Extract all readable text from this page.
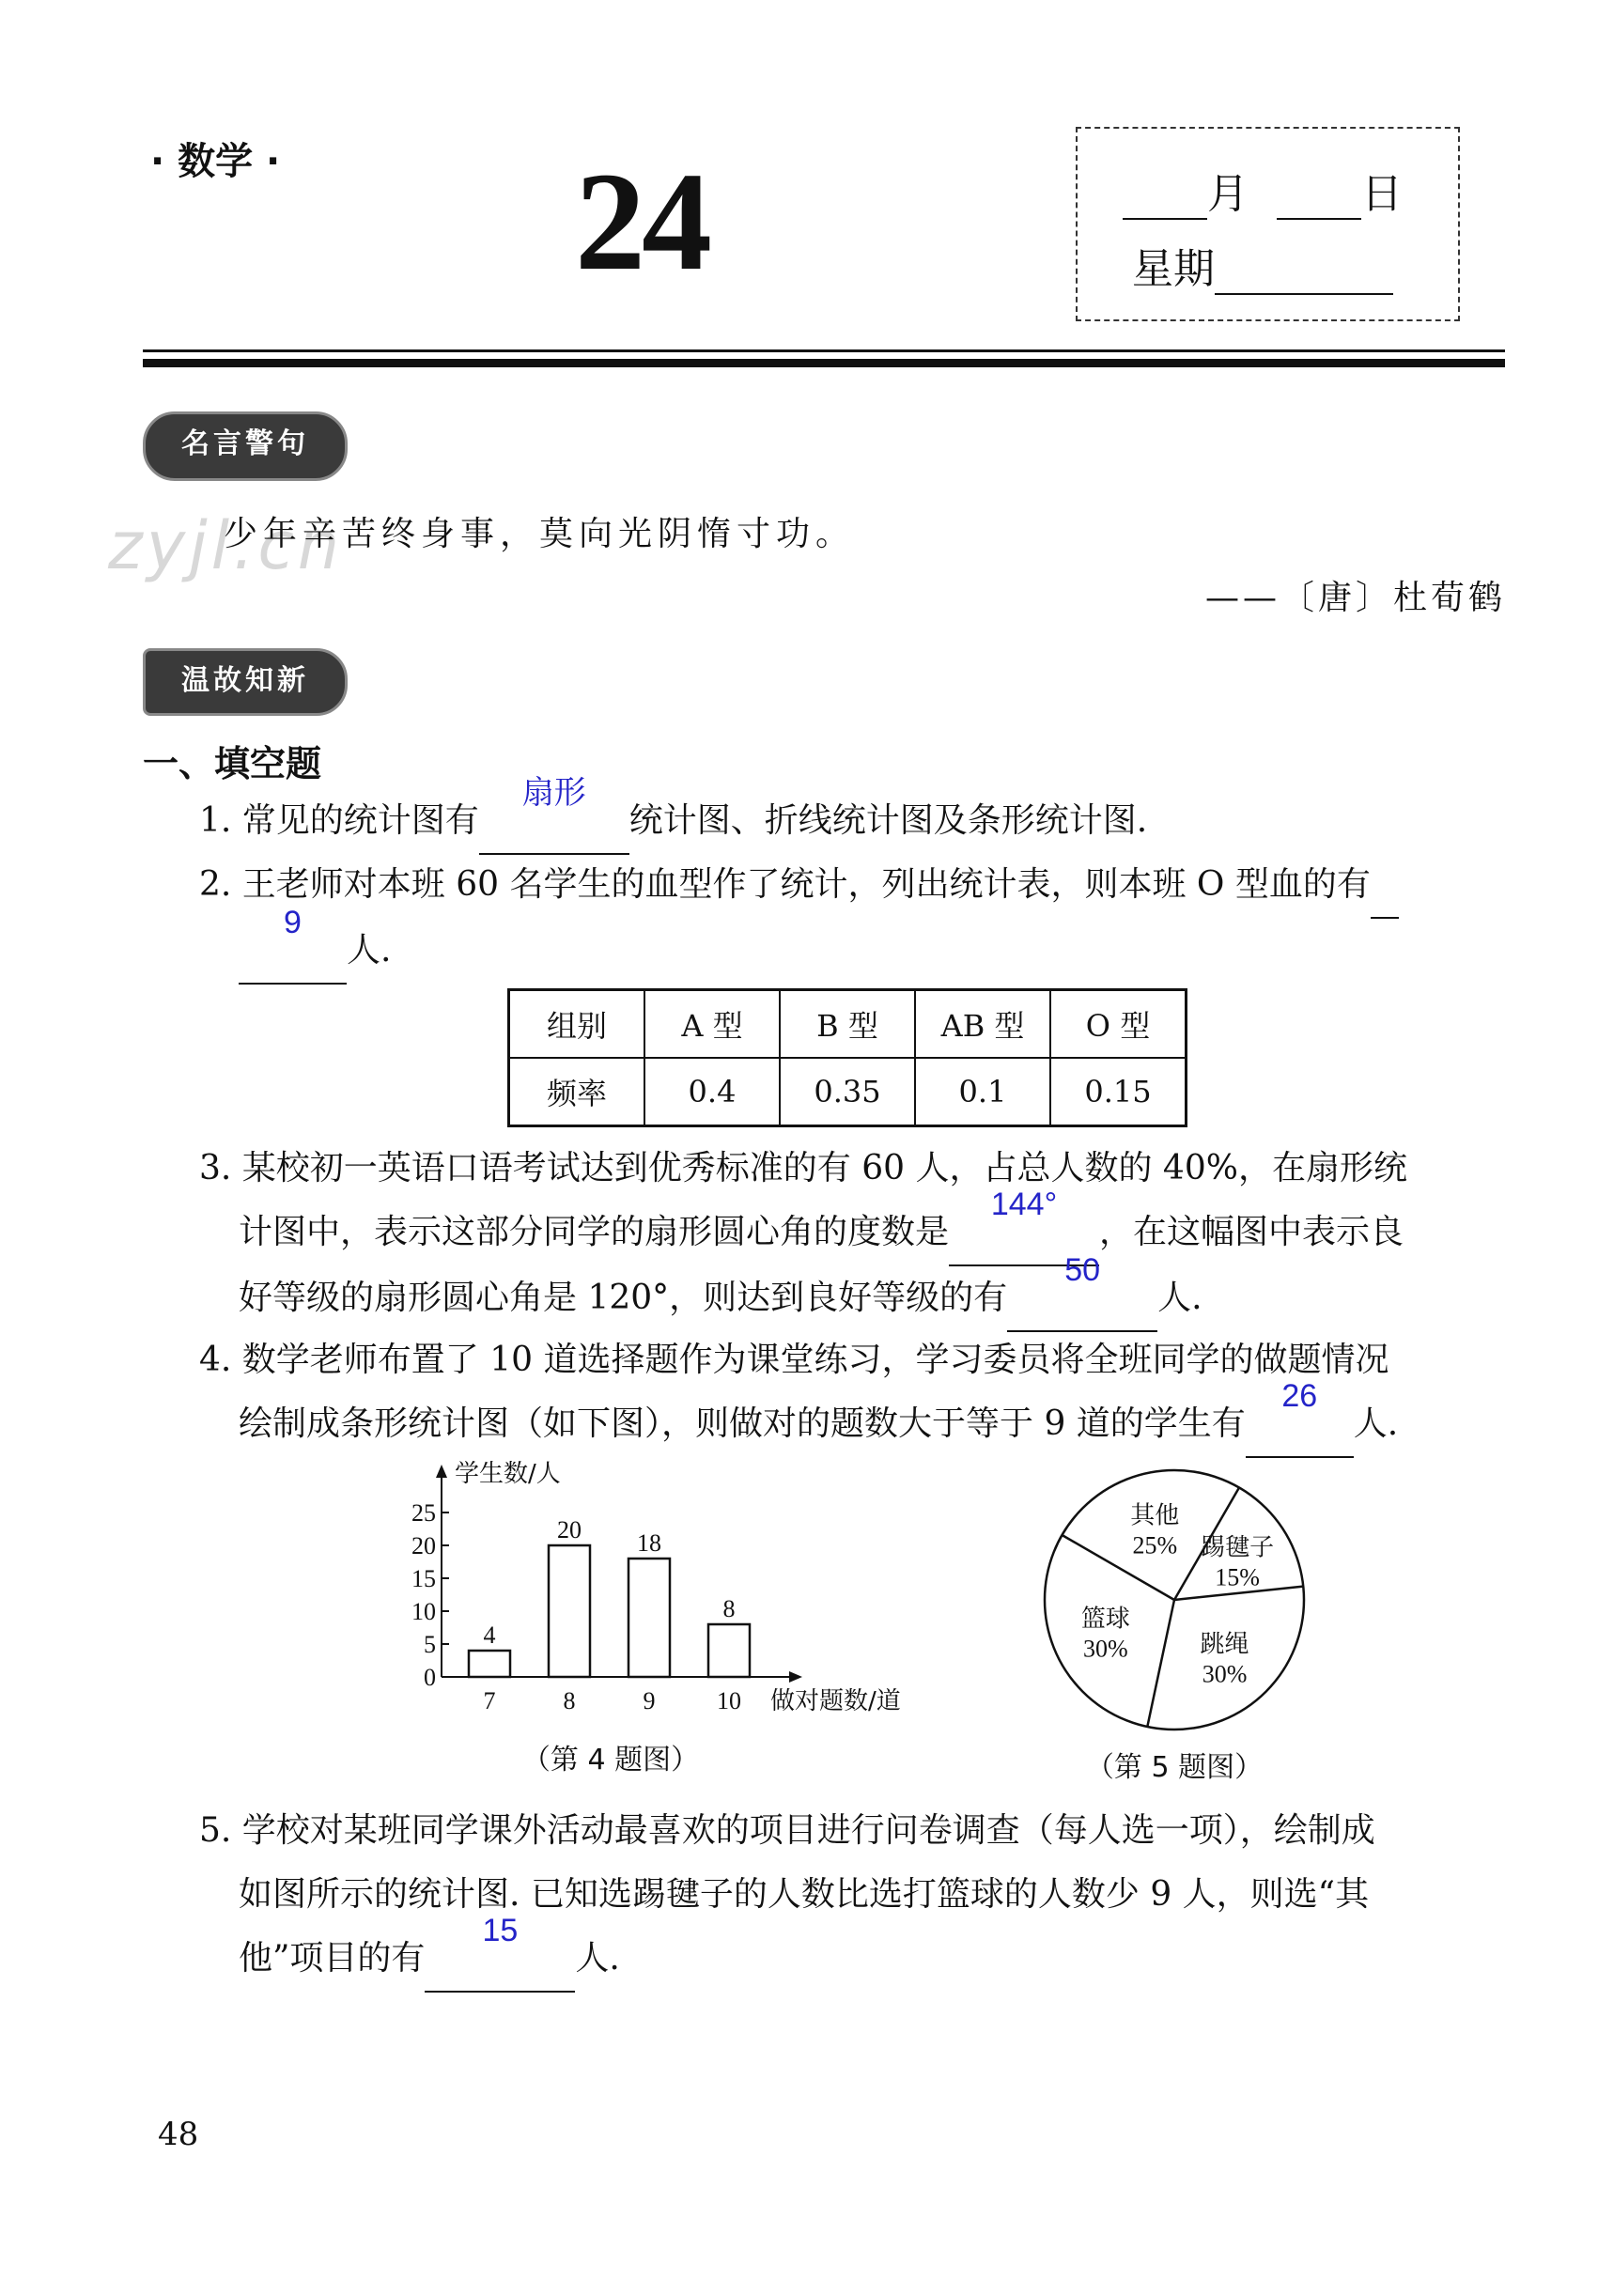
· 数学 · 24	月	日
星期
名言警句
zyjl.cn
少年辛苦终身事，莫向光阴惰寸功。
——〔唐〕杜荀鹤
温故知新
一、填空题
1. 常见的统计图有
扇形
统计图、折线统计图及条形统计图.
2. 王老师对本班 60 名学生的血型作了统计，列出统计表，则本班 O 型血的有

9
人.
组别	A 型	B 型	AB 型	O 型
频率	0.4	0.35	0.1	0.15
3. 某校初一英语口语考试达到优秀标准的有 60 人，占总人数的 40%，在扇形统
计图中，表示这部分同学的扇形圆心角的度数是
144°
，在这幅图中表示良
好等级的扇形圆心角是 120°，则达到良好等级的有
50
人.
4. 数学老师布置了 10 道选择题作为课堂练习，学习委员将全班同学的做题情况
绘制成条形统计图（如下图），则做对的题数大于等于 9 道的学生有
26
人.
学生数/人
0
5
10
15
20
25
4
7
20
8
18
9
8
10 做对题数/道
（第 4 题图）
踢毽子
15%
跳绳
30%
篮球
30%
其他
25%
（第 5 题图）
5. 学校对某班同学课外活动最喜欢的项目进行问卷调查（每人选一项），绘制成
如图所示的统计图. 已知选踢毽子的人数比选打篮球的人数少 9 人，则选“其
他”项目的有
15
人.
48
